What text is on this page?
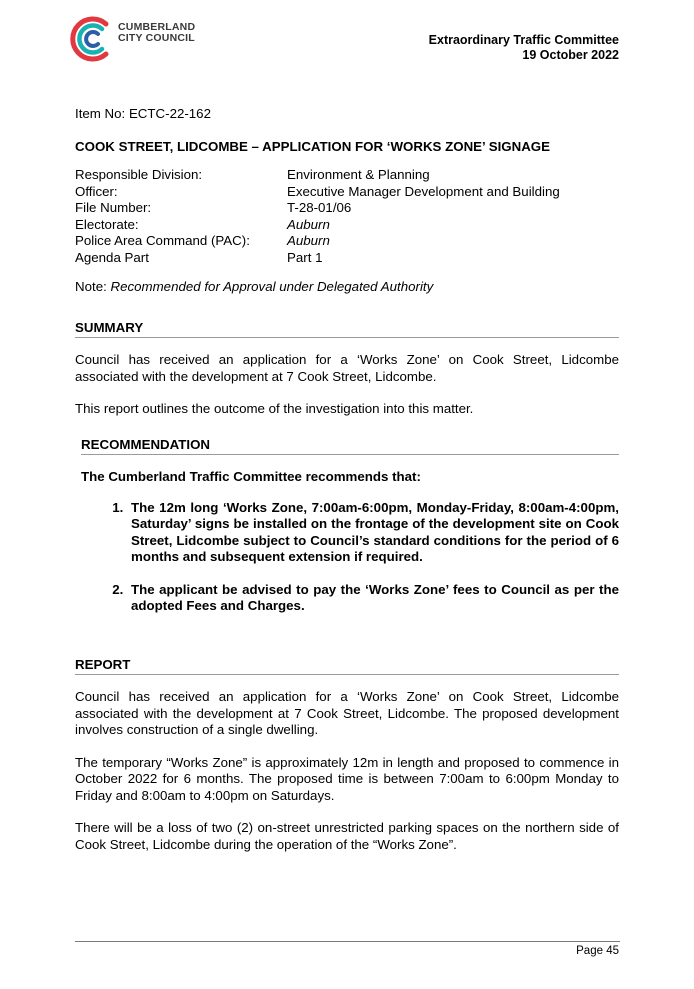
CUMBERLAND
CITY COUNCIL	Extraordinary Traffic Committee
19 October 2022

Item No: ECTC-22-162

COOK STREET, LIDCOMBE – APPLICATION FOR ‘WORKS ZONE’ SIGNAGE

Responsible Division:	Environment & Planning
Officer:	Executive Manager Development and Building
File Number:	T-28-01/06
Electorate:	Auburn
Police Area Command (PAC):	Auburn
Agenda Part	Part 1

Note: Recommended for Approval under Delegated Authority

SUMMARY

Council has received an application for a ‘Works Zone’ on Cook Street, Lidcombe associated with the development at 7 Cook Street, Lidcombe.

This report outlines the outcome of the investigation into this matter.

RECOMMENDATION

The Cumberland Traffic Committee recommends that:

1. The 12m long ‘Works Zone, 7:00am-6:00pm, Monday-Friday, 8:00am-4:00pm, Saturday’ signs be installed on the frontage of the development site on Cook Street, Lidcombe subject to Council’s standard conditions for the period of 6 months and subsequent extension if required.
2. The applicant be advised to pay the ‘Works Zone’ fees to Council as per the adopted Fees and Charges.
REPORT

Council has received an application for a ‘Works Zone’ on Cook Street, Lidcombe associated with the development at 7 Cook Street, Lidcombe. The proposed development involves construction of a single dwelling.

The temporary “Works Zone” is approximately 12m in length and proposed to commence in October 2022 for 6 months. The proposed time is between 7:00am to 6:00pm Monday to Friday and 8:00am to 4:00pm on Saturdays.

There will be a loss of two (2) on-street unrestricted parking spaces on the northern side of Cook Street, Lidcombe during the operation of the “Works Zone”.

Page 45
